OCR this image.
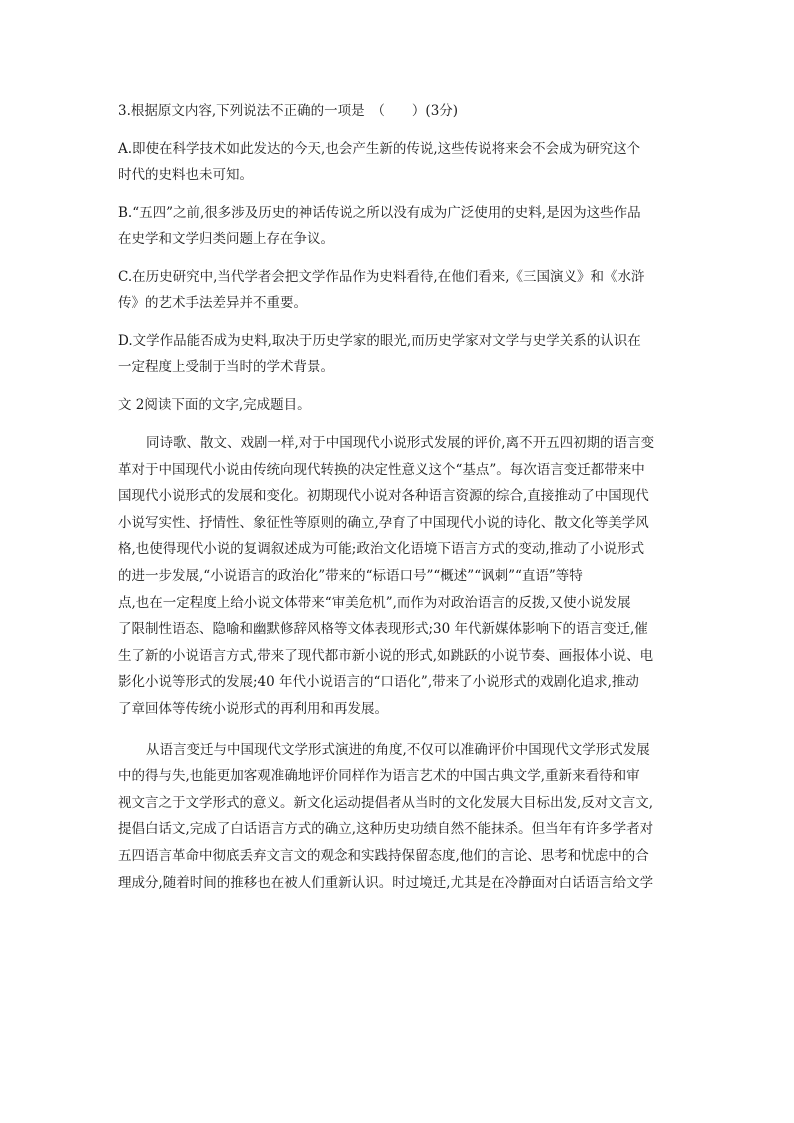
3.根据原文内容,下列说法不正确的一项是　（　　）(3分)
A.即使在科学技术如此发达的今天,也会产生新的传说,这些传说将来会不会成为研究这个
时代的史料也未可知。
B.“五四”之前,很多涉及历史的神话传说之所以没有成为广泛使用的史料,是因为这些作品
在史学和文学归类问题上存在争议。
C.在历史研究中,当代学者会把文学作品作为史料看待,在他们看来,《三国演义》和《水浒
传》的艺术手法差异并不重要。
D.文学作品能否成为史料,取决于历史学家的眼光,而历史学家对文学与史学关系的认识在
一定程度上受制于当时的学术背景。
文 2阅读下面的文字,完成题目。
同诗歌、散文、戏剧一样,对于中国现代小说形式发展的评价,离不开五四初期的语言变
革对于中国现代小说由传统向现代转换的决定性意义这个“基点”。每次语言变迁都带来中
国现代小说形式的发展和变化。初期现代小说对各种语言资源的综合,直接推动了中国现代
小说写实性、抒情性、象征性等原则的确立,孕育了中国现代小说的诗化、散文化等美学风
格,也使得现代小说的复调叙述成为可能;政治文化语境下语言方式的变动,推动了小说形式
的进一步发展,“小说语言的政治化”带来的“标语口号”“概述”“讽刺”“直语”等特
点,也在一定程度上给小说文体带来“审美危机”,而作为对政治语言的反拨,又使小说发展
了限制性语态、隐喻和幽默修辞风格等文体表现形式;30 年代新媒体影响下的语言变迁,催
生了新的小说语言方式,带来了现代都市新小说的形式,如跳跃的小说节奏、画报体小说、电
影化小说等形式的发展;40 年代小说语言的“口语化”,带来了小说形式的戏剧化追求,推动
了章回体等传统小说形式的再利用和再发展。
从语言变迁与中国现代文学形式演进的角度,不仅可以准确评价中国现代文学形式发展
中的得与失,也能更加客观准确地评价同样作为语言艺术的中国古典文学,重新来看待和审
视文言之于文学形式的意义。新文化运动提倡者从当时的文化发展大目标出发,反对文言文,
提倡白话文,完成了白话语言方式的确立,这种历史功绩自然不能抹杀。但当年有许多学者对
五四语言革命中彻底丢弃文言文的观念和实践持保留态度,他们的言论、思考和忧虑中的合
理成分,随着时间的推移也在被人们重新认识。时过境迁,尤其是在冷静面对白话语言给文学
